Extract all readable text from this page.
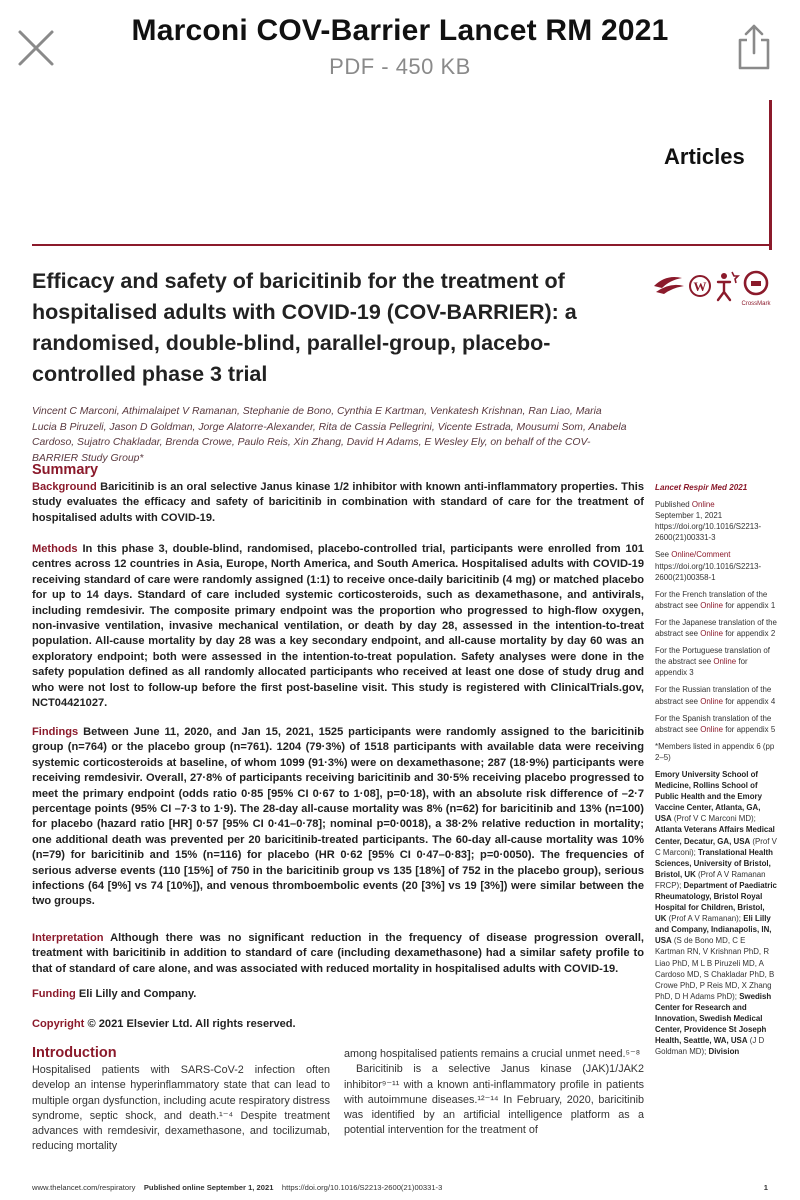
Marconi COV-Barrier Lancet RM 2021
PDF - 450 KB
Articles
Efficacy and safety of baricitinib for the treatment of hospitalised adults with COVID-19 (COV-BARRIER): a randomised, double-blind, parallel-group, placebo-controlled phase 3 trial
W
CrossMark
Vincent C Marconi, Athimalaipet V Ramanan, Stephanie de Bono, Cynthia E Kartman, Venkatesh Krishnan, Ran Liao, Maria Lucia B Piruzeli, Jason D Goldman, Jorge Alatorre-Alexander, Rita de Cassia Pellegrini, Vicente Estrada, Mousumi Som, Anabela Cardoso, Sujatro Chakladar, Brenda Crowe, Paulo Reis, Xin Zhang, David H Adams, E Wesley Ely, on behalf of the COV-BARRIER Study Group*
Summary
Background Baricitinib is an oral selective Janus kinase 1/2 inhibitor with known anti-inflammatory properties. This study evaluates the efficacy and safety of baricitinib in combination with standard of care for the treatment of hospitalised adults with COVID-19.
Methods In this phase 3, double-blind, randomised, placebo-controlled trial, participants were enrolled from 101 centres across 12 countries in Asia, Europe, North America, and South America. Hospitalised adults with COVID-19 receiving standard of care were randomly assigned (1:1) to receive once-daily baricitinib (4 mg) or matched placebo for up to 14 days. Standard of care included systemic corticosteroids, such as dexamethasone, and antivirals, including remdesivir. The composite primary endpoint was the proportion who progressed to high-flow oxygen, non-invasive ventilation, invasive mechanical ventilation, or death by day 28, assessed in the intention-to-treat population. All-cause mortality by day 28 was a key secondary endpoint, and all-cause mortality by day 60 was an exploratory endpoint; both were assessed in the intention-to-treat population. Safety analyses were done in the safety population defined as all randomly allocated participants who received at least one dose of study drug and who were not lost to follow-up before the first post-baseline visit. This study is registered with ClinicalTrials.gov, NCT04421027.
Findings Between June 11, 2020, and Jan 15, 2021, 1525 participants were randomly assigned to the baricitinib group (n=764) or the placebo group (n=761). 1204 (79·3%) of 1518 participants with available data were receiving systemic corticosteroids at baseline, of whom 1099 (91·3%) were on dexamethasone; 287 (18·9%) participants were receiving remdesivir. Overall, 27·8% of participants receiving baricitinib and 30·5% receiving placebo progressed to meet the primary endpoint (odds ratio 0·85 [95% CI 0·67 to 1·08], p=0·18), with an absolute risk difference of –2·7 percentage points (95% CI –7·3 to 1·9). The 28-day all-cause mortality was 8% (n=62) for baricitinib and 13% (n=100) for placebo (hazard ratio [HR] 0·57 [95% CI 0·41–0·78]; nominal p=0·0018), a 38·2% relative reduction in mortality; one additional death was prevented per 20 baricitinib-treated participants. The 60-day all-cause mortality was 10% (n=79) for baricitinib and 15% (n=116) for placebo (HR 0·62 [95% CI 0·47–0·83]; p=0·0050). The frequencies of serious adverse events (110 [15%] of 750 in the baricitinib group vs 135 [18%] of 752 in the placebo group), serious infections (64 [9%] vs 74 [10%]), and venous thromboembolic events (20 [3%] vs 19 [3%]) were similar between the two groups.
Interpretation Although there was no significant reduction in the frequency of disease progression overall, treatment with baricitinib in addition to standard of care (including dexamethasone) had a similar safety profile to that of standard of care alone, and was associated with reduced mortality in hospitalised adults with COVID-19.
Funding Eli Lilly and Company.
Copyright © 2021 Elsevier Ltd. All rights reserved.
Introduction
Hospitalised patients with SARS-CoV-2 infection often develop an intense hyperinflammatory state that can lead to multiple organ dysfunction, including acute respiratory distress syndrome, septic shock, and death.¹⁻⁴ Despite treatment advances with remdesivir, dexamethasone, and tocilizumab, reducing mortality
among hospitalised patients remains a crucial unmet need.⁵⁻⁸
Baricitinib is a selective Janus kinase (JAK)1/JAK2 inhibitor⁹⁻¹¹ with a known anti-inflammatory profile in patients with autoimmune diseases.¹²⁻¹⁴ In February, 2020, baricitinib was identified by an artificial intelligence platform as a potential intervention for the treatment of
Lancet Respir Med 2021
Published Online
September 1, 2021
https://doi.org/10.1016/S2213-2600(21)00331-3
See Online/Comment
https://doi.org/10.1016/S2213-2600(21)00358-1
For the French translation of the abstract see Online for appendix 1
For the Japanese translation of the abstract see Online for appendix 2
For the Portuguese translation of the abstract see Online for appendix 3
For the Russian translation of the abstract see Online for appendix 4
For the Spanish translation of the abstract see Online for appendix 5
*Members listed in appendix 6 (pp 2–5)
Emory University School of Medicine, Rollins School of Public Health and the Emory Vaccine Center, Atlanta, GA, USA (Prof V C Marconi MD); Atlanta Veterans Affairs Medical Center, Decatur, GA, USA (Prof V C Marconi); Translational Health Sciences, University of Bristol, Bristol, UK (Prof A V Ramanan FRCP); Department of Paediatric Rheumatology, Bristol Royal Hospital for Children, Bristol, UK (Prof A V Ramanan); Eli Lilly and Company, Indianapolis, IN, USA (S de Bono MD, C E Kartman RN, V Krishnan PhD, R Liao PhD, M L B Piruzeli MD, A Cardoso MD, S Chakladar PhD, B Crowe PhD, P Reis MD, X Zhang PhD, D H Adams PhD); Swedish Center for Research and Innovation, Swedish Medical Center, Providence St Joseph Health, Seattle, WA, USA (J D Goldman MD); Division
www.thelancet.com/respiratory Published online September 1, 2021 https://doi.org/10.1016/S2213-2600(21)00331-3	1
